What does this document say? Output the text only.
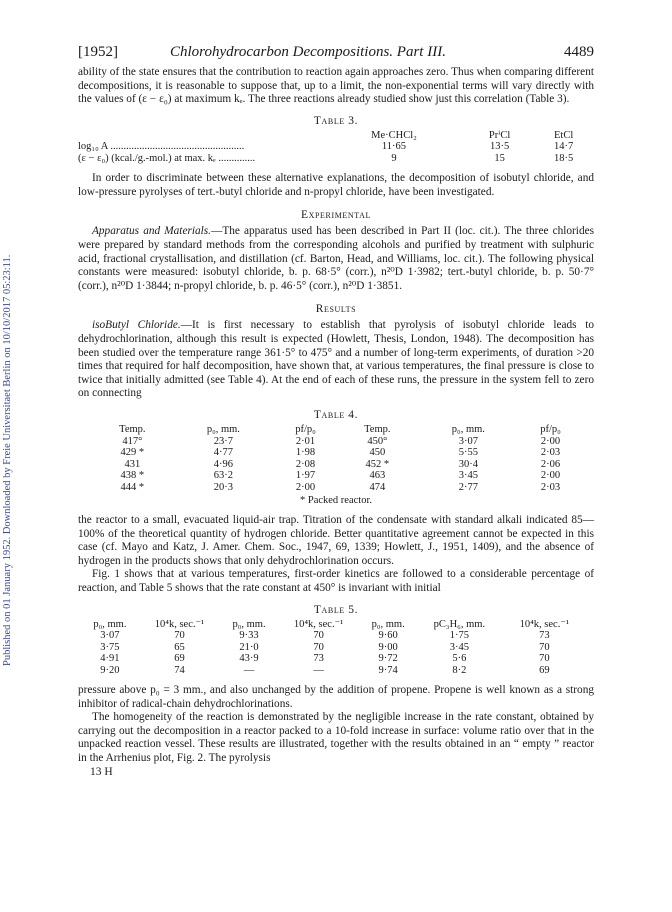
Published on 01 January 1952. Downloaded by Freie Universitaet Berlin on 10/10/2017 05:23:11.
[1952]	Chlorohydrocarbon Decompositions. Part III.	4489

ability of the state ensures that the contribution to reaction again approaches zero. Thus when comparing different decompositions, it is reasonable to suppose that, up to a limit, the non-exponential terms will vary directly with the values of (ε − ε₀) at maximum kₑ. The three reactions already studied show just this correlation (Table 3).

Table 3.
	Me·CHCl₂	PrⁱCl	EtCl
log₁₀ A ...................................................	11·65	13·5	14·7
(ε − ε₀) (kcal./g.-mol.) at max. kₑ ..............	9	15	18·5

In order to discriminate between these alternative explanations, the decomposition of isobutyl chloride, and low-pressure pyrolyses of tert.-butyl chloride and n-propyl chloride, have been investigated.

Experimental

Apparatus and Materials.—The apparatus used has been described in Part II (loc. cit.). The three chlorides were prepared by standard methods from the corresponding alcohols and purified by treatment with sulphuric acid, fractional crystallisation, and distillation (cf. Barton, Head, and Williams, loc. cit.). The following physical constants were measured: isobutyl chloride, b. p. 68·5° (corr.), n²⁰D 1·3982; tert.-butyl chloride, b. p. 50·7° (corr.), n²⁰D 1·3844; n-propyl chloride, b. p. 46·5° (corr.), n²⁰D 1·3851.

Results

isoButyl Chloride.—It is first necessary to establish that pyrolysis of isobutyl chloride leads to dehydrochlorination, although this result is expected (Howlett, Thesis, London, 1948). The decomposition has been studied over the temperature range 361·5° to 475° and a number of long-term experiments, of duration >20 times that required for half decomposition, have shown that, at various temperatures, the final pressure is close to twice that initially admitted (see Table 4). At the end of each of these runs, the pressure in the system fell to zero on connecting

Table 4.
Temp.	p₀, mm.	pf/p₀	Temp.	p₀, mm.	pf/p₀
417°	23·7	2·01	450°	3·07	2·00
429 *	4·77	1·98	450	5·55	2·03
431	4·96	2·08	452 *	30·4	2·06
438 *	63·2	1·97	463	3·45	2·00
444 *	20·3	2·00	474	2·77	2·03
* Packed reactor.

the reactor to a small, evacuated liquid-air trap. Titration of the condensate with standard alkali indicated 85—100% of the theoretical quantity of hydrogen chloride. Better quantitative agreement cannot be expected in this case (cf. Mayo and Katz, J. Amer. Chem. Soc., 1947, 69, 1339; Howlett, J., 1951, 1409), and the absence of hydrogen in the products shows that only dehydrochlorination occurs.

Fig. 1 shows that at various temperatures, first-order kinetics are followed to a considerable percentage of reaction, and Table 5 shows that the rate constant at 450° is invariant with initial

Table 5.
p₀, mm.	10⁴k, sec.⁻¹	p₀, mm.	10⁴k, sec.⁻¹	p₀, mm.	pC₃H₆, mm.	10⁴k, sec.⁻¹
3·07	70	9·33	70	9·60	1·75	73
3·75	65	21·0	70	9·00	3·45	70
4·91	69	43·9	73	9·72	5·6	70
9·20	74	—	—	9·74	8·2	69

pressure above p₀ = 3 mm., and also unchanged by the addition of propene. Propene is well known as a strong inhibitor of radical-chain dehydrochlorinations.

The homogeneity of the reaction is demonstrated by the negligible increase in the rate constant, obtained by carrying out the decomposition in a reactor packed to a 10-fold increase in surface: volume ratio over that in the unpacked reaction vessel. These results are illustrated, together with the results obtained in an “ empty ” reactor in the Arrhenius plot, Fig. 2. The pyrolysis

13 H
